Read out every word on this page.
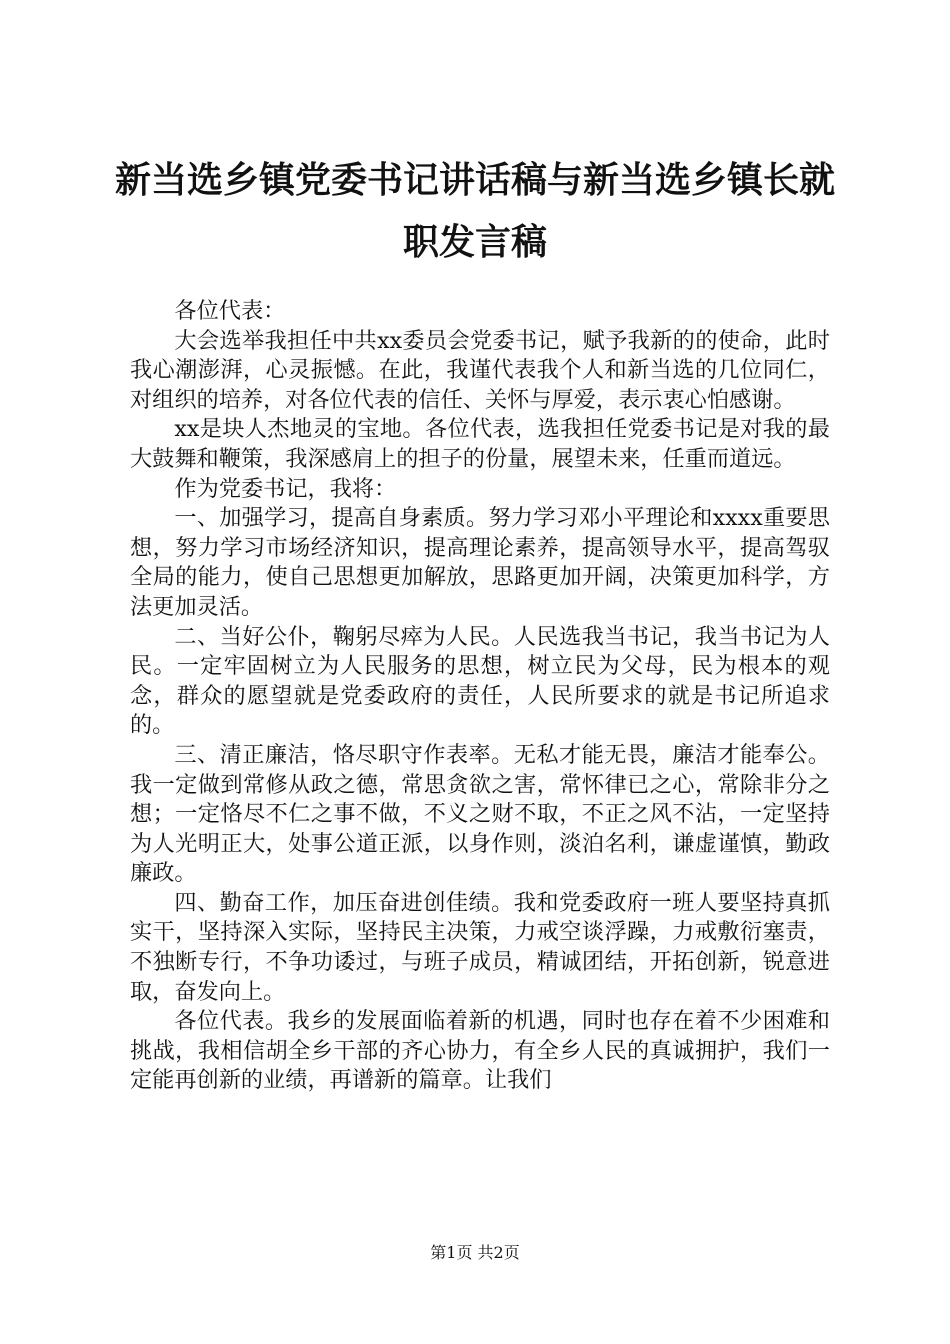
新当选乡镇党委书记讲话稿与新当选乡镇长就
职发言稿

各位代表：

大会选举我担任中共xx委员会党委书记，赋予我新的的使命，此时我心潮澎湃，心灵振憾。在此，我谨代表我个人和新当选的几位同仁，对组织的培养，对各位代表的信任、关怀与厚爱，表示衷心怕感谢。

xx是块人杰地灵的宝地。各位代表，选我担任党委书记是对我的最大鼓舞和鞭策，我深感肩上的担子的份量，展望未来，任重而道远。

作为党委书记，我将：

一、加强学习，提高自身素质。努力学习邓小平理论和xxxx重要思想，努力学习市场经济知识，提高理论素养，提高领导水平，提高驾驭全局的能力，使自己思想更加解放，思路更加开阔，决策更加科学，方法更加灵活。

二、当好公仆，鞠躬尽瘁为人民。人民选我当书记，我当书记为人民。一定牢固树立为人民服务的思想，树立民为父母，民为根本的观念，群众的愿望就是党委政府的责任，人民所要求的就是书记所追求的。

三、清正廉洁，恪尽职守作表率。无私才能无畏，廉洁才能奉公。我一定做到常修从政之德，常思贪欲之害，常怀律已之心，常除非分之想；一定恪尽不仁之事不做，不义之财不取，不正之风不沾，一定坚持为人光明正大，处事公道正派，以身作则，淡泊名利，谦虚谨慎，勤政廉政。

四、勤奋工作，加压奋进创佳绩。我和党委政府一班人要坚持真抓实干，坚持深入实际，坚持民主决策，力戒空谈浮躁，力戒敷衍塞责，不独断专行，不争功诿过，与班子成员，精诚团结，开拓创新，锐意进取，奋发向上。

各位代表。我乡的发展面临着新的机遇，同时也存在着不少困难和挑战，我相信胡全乡干部的齐心协力，有全乡人民的真诚拥护，我们一定能再创新的业绩，再谱新的篇章。让我们

第1页 共2页
